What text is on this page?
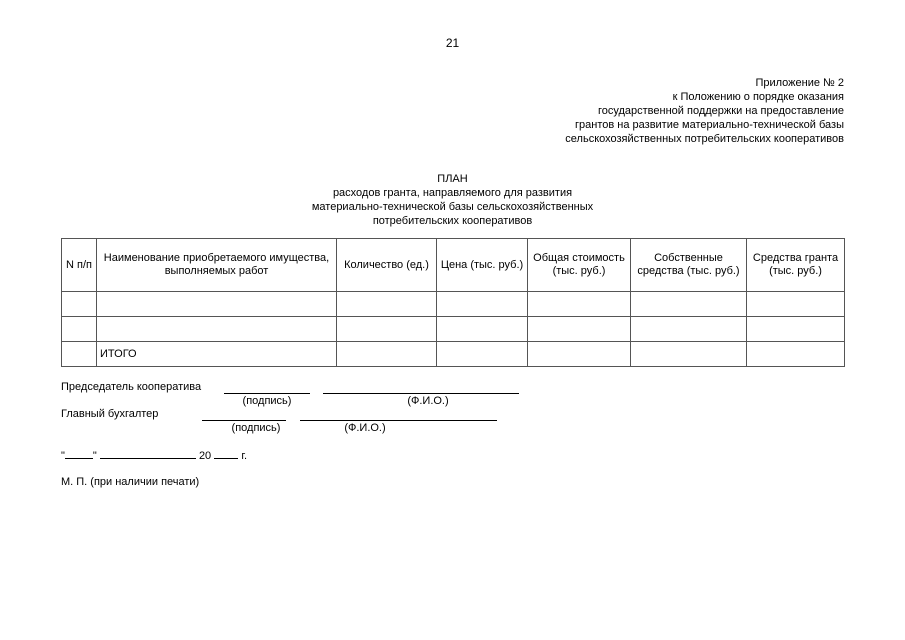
21
Приложение № 2
к Положению о порядке оказания
государственной поддержки на предоставление
грантов на развитие материально-технической базы
сельскохозяйственных потребительских кооперативов
ПЛАН
расходов гранта, направляемого для развития
материально-технической базы сельскохозяйственных
потребительских кооперативов
N п/п	Наименование приобретаемого имущества, выполняемых работ	Количество (ед.)	Цена (тыс. руб.)	Общая стоимость (тыс. руб.)	Собственные средства (тыс. руб.)	Средства гранта (тыс. руб.)

	ИТОГО					
Председатель кооператива
(подпись)	(Ф.И.О.)
Главный бухгалтер
(подпись)	(Ф.И.О.)
"	"	20	г.
М. П. (при наличии печати)
